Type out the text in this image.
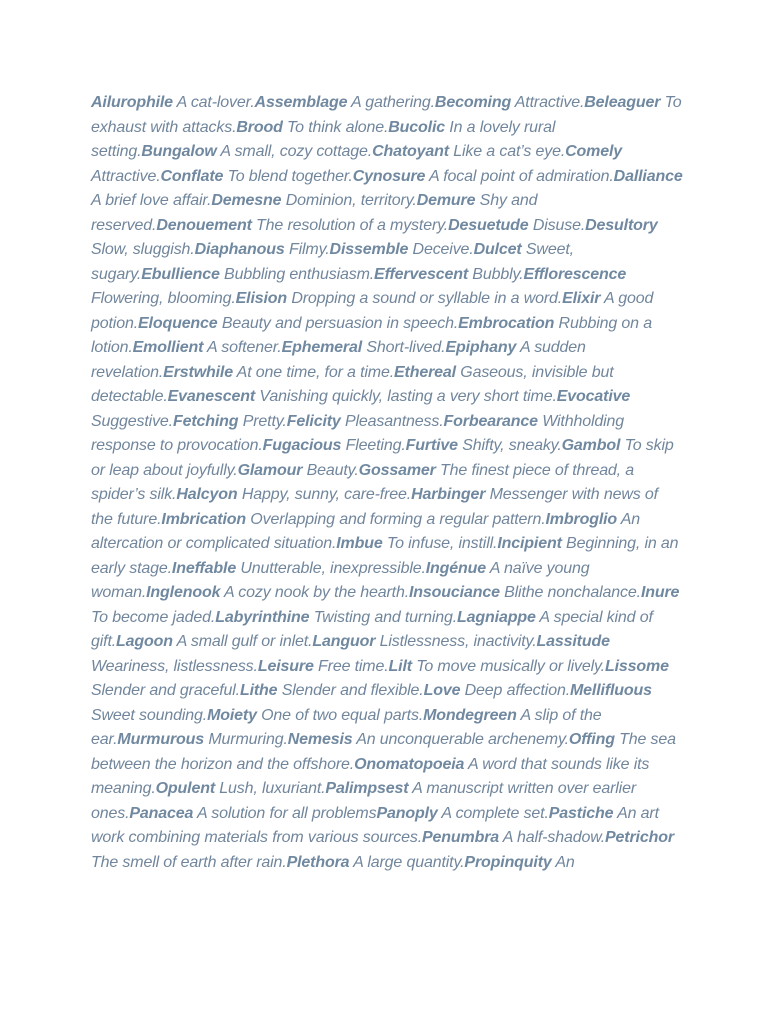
Ailurophile A cat-lover.Assemblage A gathering.Becoming Attractive.Beleaguer To exhaust with attacks.Brood To think alone.Bucolic In a lovely rural setting.Bungalow A small, cozy cottage.Chatoyant Like a cat’s eye.Comely Attractive.Conflate To blend together.Cynosure A focal point of admiration.Dalliance A brief love affair.Demesne Dominion, territory.Demure Shy and reserved.Denouement The resolution of a mystery.Desuetude Disuse.Desultory Slow, sluggish.Diaphanous Filmy.Dissemble Deceive.Dulcet Sweet, sugary.Ebullience Bubbling enthusiasm.Effervescent Bubbly.Efflorescence Flowering, blooming.Elision Dropping a sound or syllable in a word.Elixir A good potion.Eloquence Beauty and persuasion in speech.Embrocation Rubbing on a lotion.Emollient A softener.Ephemeral Short-lived.Epiphany A sudden revelation.Erstwhile At one time, for a time.Ethereal Gaseous, invisible but detectable.Evanescent Vanishing quickly, lasting a very short time.Evocative Suggestive.Fetching Pretty.Felicity Pleasantness.Forbearance Withholding response to provocation.Fugacious Fleeting.Furtive Shifty, sneaky.Gambol To skip or leap about joyfully.Glamour Beauty.Gossamer The finest piece of thread, a spider’s silk.Halcyon Happy, sunny, care-free.Harbinger Messenger with news of the future.Imbrication Overlapping and forming a regular pattern.Imbroglio An altercation or complicated situation.Imbue To infuse, instill.Incipient Beginning, in an early stage.Ineffable Unutterable, inexpressible.Ingénue A naïve young woman.Inglenook A cozy nook by the hearth.Insouciance Blithe nonchalance.Inure To become jaded.Labyrinthine Twisting and turning.Lagniappe A special kind of gift.Lagoon A small gulf or inlet.Languor Listlessness, inactivity.Lassitude Weariness, listlessness.Leisure Free time.Lilt To move musically or lively.Lissome Slender and graceful.Lithe Slender and flexible.Love Deep affection.Mellifluous Sweet sounding.Moiety One of two equal parts.Mondegreen A slip of the ear.Murmurous Murmuring.Nemesis An unconquerable archenemy.Offing The sea between the horizon and the offshore.Onomatopoeia A word that sounds like its meaning.Opulent Lush, luxuriant.Palimpsest A manuscript written over earlier ones.Panacea A solution for all problemsPanoply A complete set.Pastiche An art work combining materials from various sources.Penumbra A half-shadow.Petrichor The smell of earth after rain.Plethora A large quantity.Propinquity An
